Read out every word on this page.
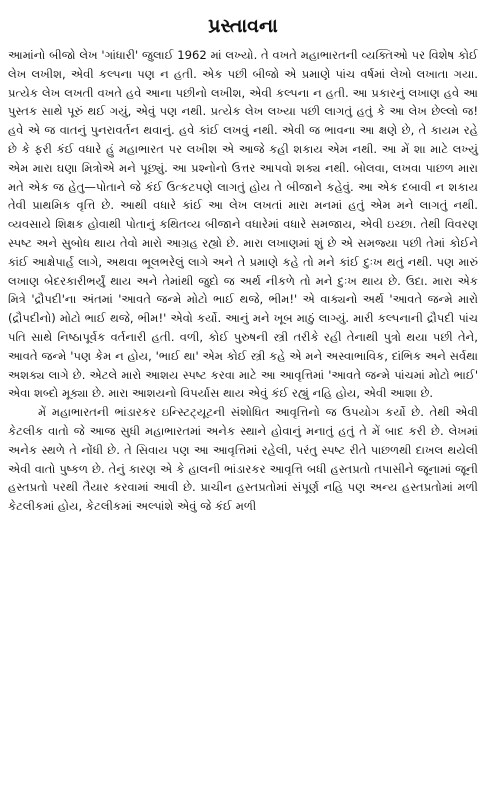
પ્રસ્તાવના

આમાંનો બીજો લેખ 'ગાંધારી' જુલાઈ 1962 માં લખ્યો. તે વખતે મહાભારતની વ્યક્તિઓ પર વિશેષ કોઈ લેખ લખીશ, એવી કલ્પના પણ ન હતી. એક પછી બીજો એ પ્રમાણે પાંચ વર્ષમાં લેખો લખાતા ગયા. પ્રત્યેક લેખ લખતી વખતે હવે આના પછીનો લખીશ, એવી કલ્પના ન હતી. આ પ્રકારનું લખાણ હવે આ પુસ્તક સાથે પૂરું થઈ ગયું, એવું પણ નથી. પ્રત્યેક લેખ લખ્યા પછી લાગતું હતું કે આ લેખ છેલ્લો જ! હવે એ જ વાતનું પુનરાવર્તન થવાનું. હવે કાંઈ લખવું નથી. એવી જ ભાવના આ ક્ષણે છે, તે કાયમ રહે છે કે ફરી કંઈ વધારે હું મહાભારત પર લખીશ એ આજે કહી શકાય એમ નથી. આ મેં શા માટે લખ્યું એમ મારા ઘણા મિત્રોએ મને પૂછ્યું. આ પ્રશ્નોનો ઉત્તર આપવો શક્ય નથી. બોલવા, લખવા પાછળ મારા મતે એક જ હેતુ—પોતાને જે કંઈ ઉત્કટપણે લાગતું હોય તે બીજાને કહેવું. આ એક દબાવી ન શકાય તેવી પ્રાથમિક વૃત્તિ છે. આથી વધારે કાંઈ આ લેખ લખતાં મારા મનમાં હતું એમ મને લાગતું નથી. વ્યવસાયે શિક્ષક હોવાથી પોતાનું કથિતવ્ય બીજાને વધારેમાં વધારે સમજાય, એવી ઇચ્છા. તેથી વિવરણ સ્પષ્ટ અને સુબોધ થાય તેવો મારો આગ્રહ રહ્યો છે. મારા લખાણમાં શું છે એ સમજ્યા પછી તેમાં કોઈને કાંઈ આક્ષેપાર્હ લાગે, અથવા ભૂલભરેલું લાગે અને તે પ્રમાણે કહે તો મને કાંઈ દુઃખ થતું નથી. પણ મારું લખાણ બેદરકારીભર્યું થાય અને તેમાંથી જુદો જ અર્થ નીકળે તો મને દુઃખ થાય છે. ઉદા. મારા એક મિત્રે 'દ્રૌપદી'ના અંતમાં 'આવતે જન્મે મોટો ભાઈ થજે, ભીમ!' એ વાક્યનો અર્થ 'આવતે જન્મે મારો (દ્રૌપદીનો) મોટો ભાઈ થજે, ભીમ!' એવો કર્યો. આનું મને ખૂબ માઠું લાગ્યું. મારી કલ્પનાની દ્રૌપદી પાંચ પતિ સાથે નિષ્ઠાપૂર્વક વર્તનારી હતી. વળી, કોઈ પુરુષની સ્ત્રી તરીકે રહી તેનાથી પુત્રો થયા પછી તેને, આવતે જન્મે 'પણ કેમ ન હોય, 'ભાઈ થા' એમ કોઈ સ્ત્રી કહે એ મને અસ્વાભાવિક, દાંભિક અને સર્વથા અશક્ય લાગે છે. એટલે મારો આશય સ્પષ્ટ કરવા માટે આ આવૃત્તિમાં 'આવતે જન્મે પાંચમાં મોટો ભાઈ' એવા શબ્દો મૂક્યા છે. મારા આશયનો વિપર્યાસ થાય એવું કંઈ રહ્યું નહિ હોય, એવી આશા છે.

મેં મહાભારતની ભાંડારકર ઇન્સ્ટિટ્યૂટની સંશોધિત આવૃત્તિનો જ ઉપયોગ કર્યો છે. તેથી એવી કેટલીક વાતો જે આજ સુધી મહાભારતમાં અનેક સ્થાને હોવાનું મનાતું હતું તે મેં બાદ કરી છે. લેખમાં અનેક સ્થળે તે નોંધી છે. તે સિવાય પણ આ આવૃત્તિમાં રહેલી, પરંતુ સ્પષ્ટ રીતે પાછળથી દાખલ થયેલી એવી વાતો પુષ્કળ છે. તેનું કારણ એ કે હાલની ભાંડારકર આવૃત્તિ બધી હસ્તપ્રતો તપાસીને જૂનામાં જૂની હસ્તપ્રતો પરથી તૈયાર કરવામાં આવી છે. પ્રાચીન હસ્તપ્રતોમાં સંપૂર્ણ નહિ પણ અન્ય હસ્તપ્રતોમાં મળી કેટલીકમાં હોય, કેટલીકમાં અલ્પાંશે એવું જે કંઈ મળી
